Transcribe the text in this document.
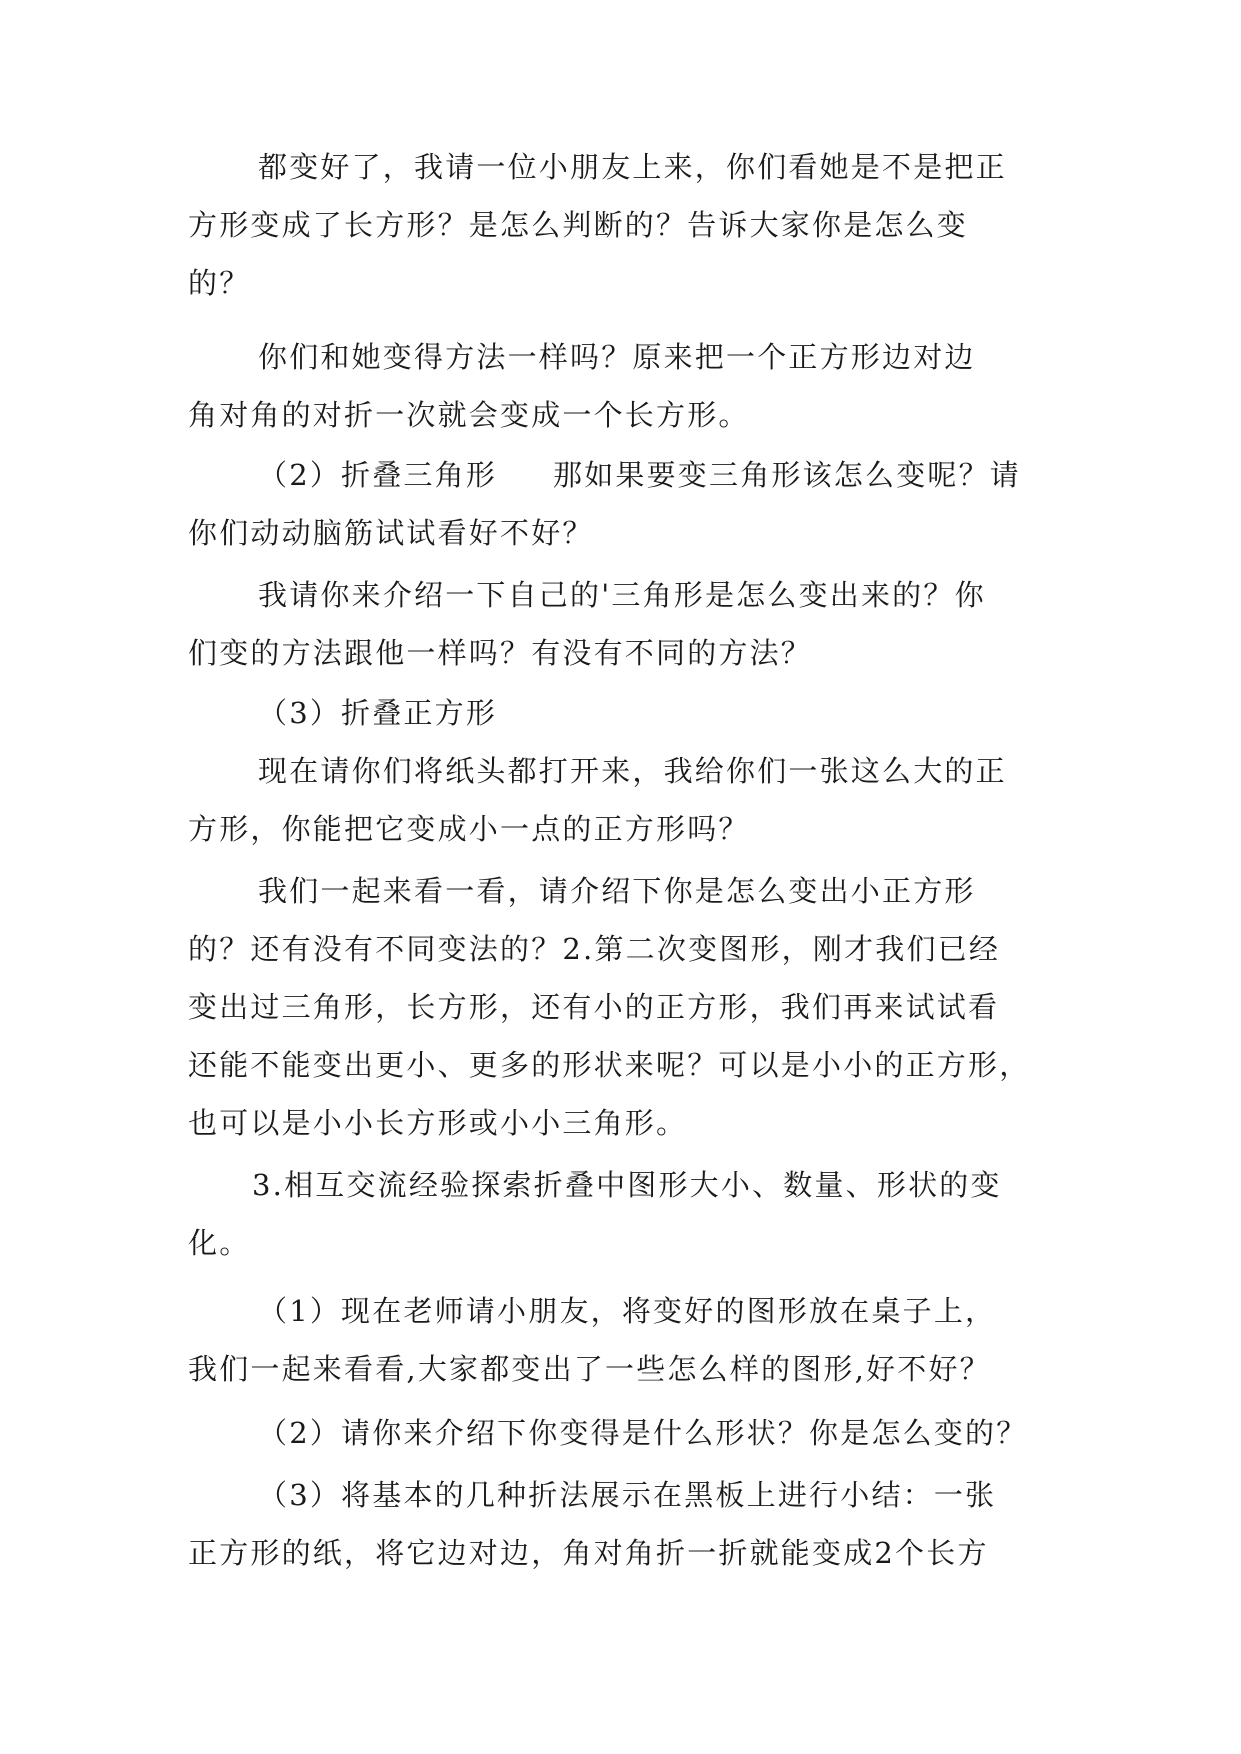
都变好了，我请一位小朋友上来，你们看她是不是把正
方形变成了长方形？是怎么判断的？告诉大家你是怎么变
的？
你们和她变得方法一样吗？原来把一个正方形边对边
角对角的对折一次就会变成一个长方形。
（2）折叠三角形 那如果要变三角形该怎么变呢？请
你们动动脑筋试试看好不好？
我请你来介绍一下自己的'三角形是怎么变出来的？你
们变的方法跟他一样吗？有没有不同的方法？
（3）折叠正方形
现在请你们将纸头都打开来，我给你们一张这么大的正
方形，你能把它变成小一点的正方形吗？
我们一起来看一看，请介绍下你是怎么变出小正方形
的？还有没有不同变法的？2.第二次变图形，刚才我们已经
变出过三角形，长方形，还有小的正方形，我们再来试试看
还能不能变出更小、更多的形状来呢？可以是小小的正方形，
也可以是小小长方形或小小三角形。
3.相互交流经验探索折叠中图形大小、数量、形状的变
化。
（1）现在老师请小朋友，将变好的图形放在桌子上，
我们一起来看看,大家都变出了一些怎么样的图形,好不好？
（2）请你来介绍下你变得是什么形状？你是怎么变的？
（3）将基本的几种折法展示在黑板上进行小结：一张
正方形的纸，将它边对边，角对角折一折就能变成2个长方
